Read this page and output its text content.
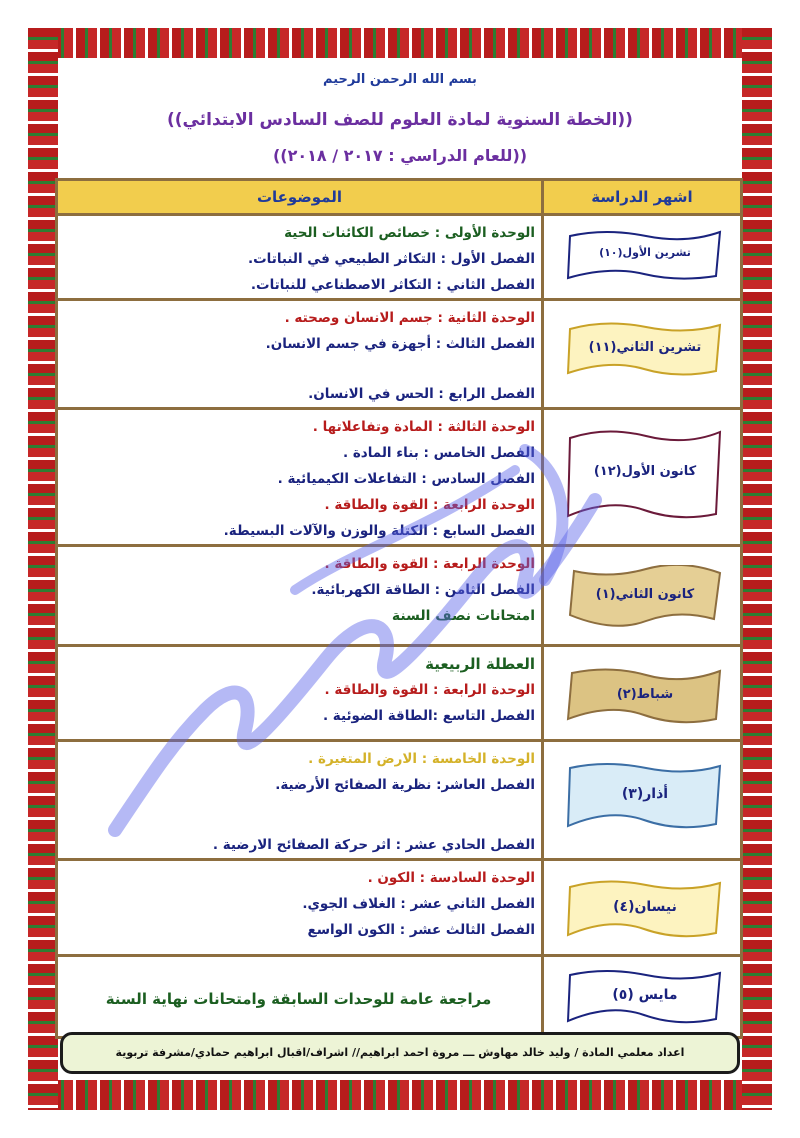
بسم الله الرحمن الرحيم
((الخطة السنوية لمادة العلوم للصف السادس الابتدائي))
((للعام الدراسي : ٢٠١٧ / ٢٠١٨))
اشهر الدراسة	الموضوعات

تشرين الأول(١٠)	الوحدة الأولى : خصائص الكائنات الحية
الفصل الأول : التكاثر الطبيعي في النباتات.
الفصل الثاني : التكاثر الاصطناعي للنباتات.

تشرين الثاني(١١)	الوحدة الثانية : جسم الانسان وصحته .
الفصل الثالث : أجهزة في جسم الانسان.
الفصل الرابع : الحس في الانسان.

كانون الأول(١٢)	الوحدة الثالثة : المادة وتفاعلاتها .
الفصل الخامس : بناء المادة .
الفصل السادس : التفاعلات الكيميائية .
الوحدة الرابعة : القوة والطاقة .
الفصل السابع : الكتلة والوزن والآلات البسيطة.

كانون الثاني(١)	الوحدة الرابعة : القوة والطاقة .
الفصل الثامن : الطاقة الكهربائية.
امتحانات نصف السنة

شباط(٢)	العطلة الربيعية
الوحدة الرابعة : القوة والطاقة .
الفصل التاسع :الطاقة الضوئية .

أذار(٣)	الوحدة الخامسة : الارض المتغيرة .
الفصل العاشر: نظرية الصفائح الأرضية.
الفصل الحادي عشر : اثر حركة الصفائح الارضية .

نيسان(٤)	الوحدة السادسة : الكون .
الفصل الثاني عشر : الغلاف الجوي.
الفصل الثالث عشر : الكون الواسع

مايس (٥)	مراجعة عامة للوحدات السابقة وامتحانات نهاية السنة
اعداد معلمي المادة / وليد خالد مهاوش ـــ مروة احمد ابراهيم// اشراف/اقبال ابراهيم حمادي/مشرفة تربوية
